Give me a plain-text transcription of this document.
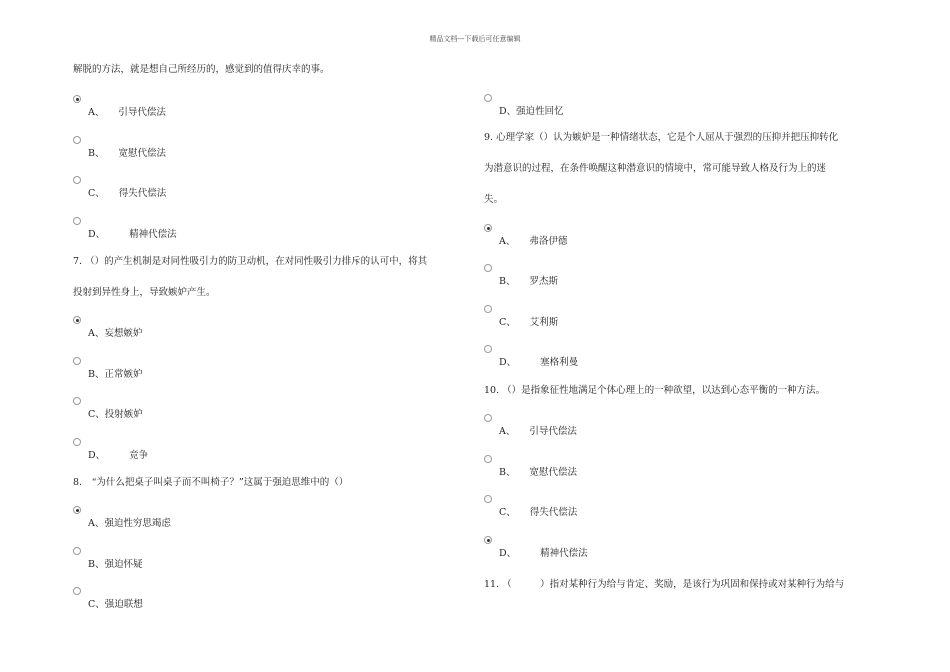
精品文档---下载后可任意编辑
解脱的方法，就是想自己所经历的，感觉到的值得庆幸的事。
A、 引导代偿法
B、 宽慰代偿法
C、 得失代偿法
D、	精神代偿法
7. （）的产生机制是对同性吸引力的防卫动机，在对同性吸引力排斥的认可中，将其
投射到异性身上，导致嫉妒产生。
A、妄想嫉妒
B、正常嫉妒
C、投射嫉妒
D、	竞争
8.　“为什么把桌子叫桌子而不叫椅子？”这属于强迫思维中的（）
A、强迫性穷思竭虑
B、强迫怀疑
C、强迫联想
D、强迫性回忆
9. 心理学家（）认为嫉妒是一种情绪状态，它是个人屈从于强烈的压抑并把压抑转化
为潜意识的过程，在条件唤醒这种潜意识的情境中，常可能导致人格及行为上的迷
失。
A、 弗洛伊德
B、 罗杰斯
C、 艾利斯
D、	塞格利曼
10. （）是指象征性地满足个体心理上的一种欲望，以达到心态平衡的一种方法。
A、 引导代偿法
B、 宽慰代偿法
C、 得失代偿法
D、	精神代偿法
11. （　　　）指对某种行为给与肯定、奖励，是该行为巩固和保持或对某种行为给与
